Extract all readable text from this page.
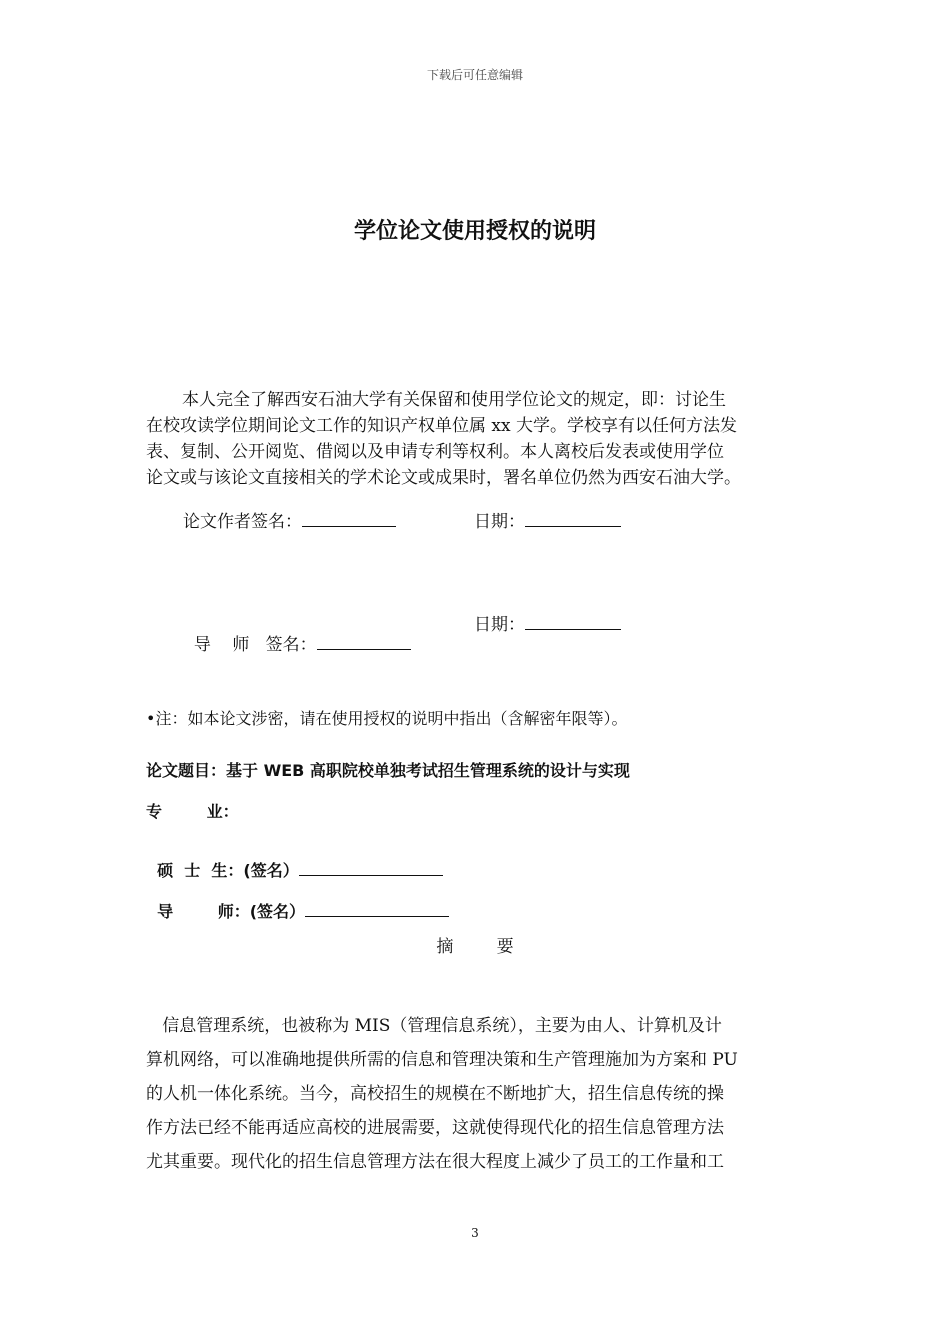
下载后可任意编辑
学位论文使用授权的说明

本人完全了解西安石油大学有关保留和使用学位论文的规定，即：讨论生

在校攻读学位期间论文工作的知识产权单位属 xx 大学。学校享有以任何方法发

表、复制、公开阅览、借阅以及申请专利等权利。本人离校后发表或使用学位

论文或与该论文直接相关的学术论文或成果时，署名单位仍然为西安石油大学。

论文作者签名：	日期：

导    师   签名：

日期：
•注：如本论文涉密，请在使用授权的说明中指出（含解密年限等）。
论文题目：基于 WEB 高职院校单独考试招生管理系统的设计与实现
专        业：

硕  士  生：(签名）

导        师：(签名）

摘        要

信息管理系统，也被称为 MIS（管理信息系统），主要为由人、计算机及计

算机网络，可以准确地提供所需的信息和管理决策和生产管理施加为方案和 PU

的人机一体化系统。当今，高校招生的规模在不断地扩大，招生信息传统的操

作方法已经不能再适应高校的进展需要，这就使得现代化的招生信息管理方法

尤其重要。现代化的招生信息管理方法在很大程度上减少了员工的工作量和工

3
